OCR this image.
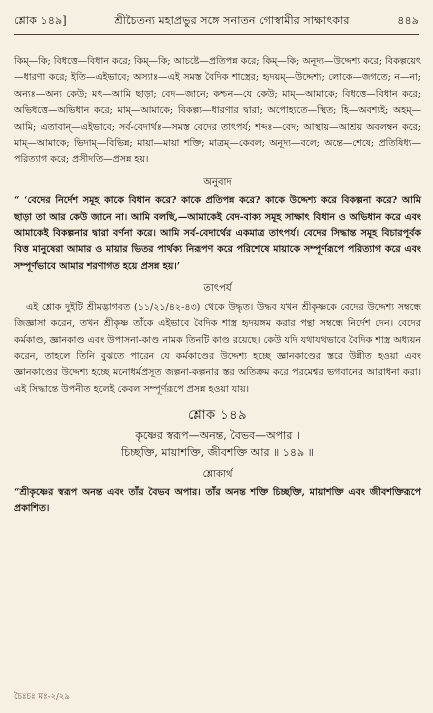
শ্লোক ১৪৯]	শ্রীচৈতন্য মহাপ্রভুর সঙ্গে সনাতন গোস্বামীর সাক্ষাৎকার	৪৪৯

কিম্—কি; বিধত্তে—বিধান করে; কিম্—কি; আচষ্টে—প্রতিপন্ন করে; কিম্—কি; অনূদ্য—উদ্দেশ্য করে; বিকল্পয়েৎ—ধারণা করে; ইতি—এইভাবে; অস্যাঃ—এই সমস্ত বৈদিক শাস্ত্রের; হৃদয়ম্—উদ্দেশ্য; লোকে—জগতে; ন—না; অন্যঃ—অন্য কেউ; মৎ—আমি ছাড়া; বেদ—জানে; কশ্চন—যে কেউ; মাম্—আমাকে; বিধত্তে—বিধান করে; অভিধত্তে—অভিধান করে; মাম্—আমাকে; বিকল্প্য—ধারণার দ্বারা; অপোহ্যতে—স্থিত; হি—অবশ্যই; অহম্—আমি; এতাবান্—এইভাবে; সর্ব-বেদার্থঃ—সমস্ত বেদের তাৎপর্য; শব্দঃ—বেদ; আস্থায়—আশ্রয় অবলম্বন করে; মাম্—আমাকে; ভিদাম্—বিভিন্ন; মায়া—মায়া শক্তি; মাত্রম্—কেবল; অনূদ্য—বলে; অন্তে—শেষে; প্রতিষিধ্য—পরিত্যাগ করে; প্রসীদতি—প্রসন্ন হয়।

অনুবাদ

“ ‘বেদের নির্দেশ সমূহ কাকে বিধান করে? কাকে প্রতিপন্ন করে? কাকে উদ্দেশ্য করে বিকল্পনা করে? আমি ছাড়া তা আর কেউ জানে না। আমি বলছি,—আমাকেই বেদ-বাক্য সমূহ সাক্ষাৎ বিধান ও অভিধান করে এবং আমাকেই বিকল্পনার দ্বারা বর্ণনা করে। আমি সর্ব-বেদার্থের একমাত্র তাৎপর্য। বেদের সিদ্ধান্ত সমূহ বিচারপূর্বক বিত্ত মানুষেরা আমার ও মায়ার ভিতর পার্থক্য নিরূপণ করে পরিশেষে মায়াকে সম্পূর্ণরূপে পরিত্যাগ করে এবং সম্পূর্ণভাবে আমার শরণাগত হয়ে প্রসন্ন হয়।’

তাৎপর্য

এই শ্লোক দুইটি শ্রীমদ্ভাগবত (১১/২১/৪২-৪৩) থেকে উদ্ধৃত। উদ্ধব যখন শ্রীকৃষ্ণকে বেদের উদ্দেশ্য সম্বন্ধে জিজ্ঞাসা করেন, তখন শ্রীকৃষ্ণ তাঁকে এইভাবে বৈদিক শাস্ত্র হৃদয়ঙ্গম করার পন্থা সম্বন্ধে নির্দেশ দেন। বেদের কর্মকাণ্ড, জ্ঞানকাণ্ড এবং উপাসনা-কাণ্ড নামক তিনটি কাণ্ড রয়েছে। কেউ যদি যথাযথভাবে বৈদিক শাস্ত্র অধ্যয়ন করেন, তাহলে তিনি বুঝতে পারেন যে কর্মকাণ্ডের উদ্দেশ্য হচ্ছে জ্ঞানকাণ্ডের স্তরে উন্নীত হওয়া এবং জ্ঞানকাণ্ডের উদ্দেশ্য হচ্ছে মনোধর্মপ্রসূত জল্পনা-কল্পনার স্তর অতিক্রম করে পরমেশ্বর ভগবানের আরাধনা করা। এই সিদ্ধান্তে উপনীত হলেই কেবল সম্পূর্ণরূপে প্রসন্ন হওয়া যায়।

শ্লোক ১৪৯

কৃষ্ণের স্বরূপ—অনন্ত, বৈভব—অপার ।

চিচ্ছক্তি, মায়াশক্তি, জীবশক্তি আর ॥ ১৪৯ ॥

শ্লোকার্থ

“শ্রীকৃষ্ণের স্বরূপ অনন্ত এবং তাঁর বৈভব অপার। তাঁর অনন্ত শক্তি চিচ্ছক্তি, মায়াশক্তি এবং জীবশক্তিরূপে প্রকাশিত।

চৈঃচঃ মঃ-২/২৯
